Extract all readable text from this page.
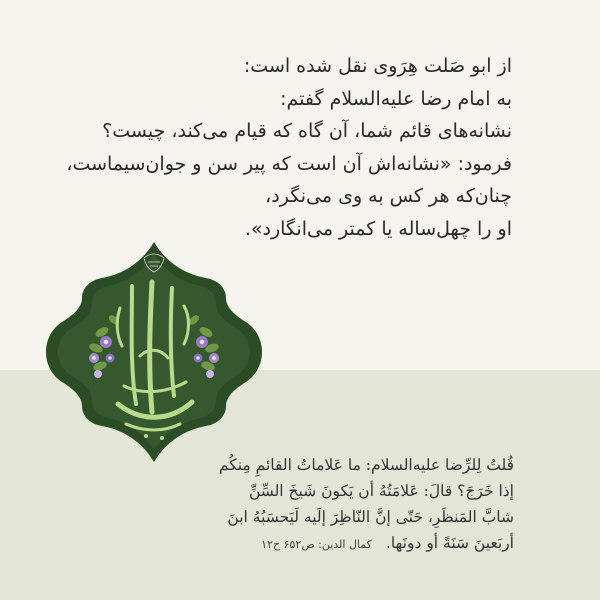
از ابو صَلت هِرَوی نقل شده است:
به امام رضا علیه‌السلام گفتم:
نشانه‌های قائم شما، آن گاه که قیام می‌کند، چیست؟
فرمود: «نشانه‌اش آن است که پیر سن و جوان‌سیماست،
چنان‌که هر کس به وی می‌نگرد،
او را چهل‌ساله یا کمتر می‌انگارد».
قُلتُ لِلرِّضا علیه‌السلام: ما عَلاماتُ القائمِ مِنکُم
إذا خَرَجَ؟ قالَ: عَلامَتُهُ أن یَکونَ شَیخَ السِّنِّ
شابَّ المَنظَرِ، حَتّی إنَّ النّاظِرَ إلَیه لَیَحسَبُهُ ابنَ
أربَعینَ سَنَةً أو دونَها.کمال الدین: ص۶۵۲ ح۱۲
